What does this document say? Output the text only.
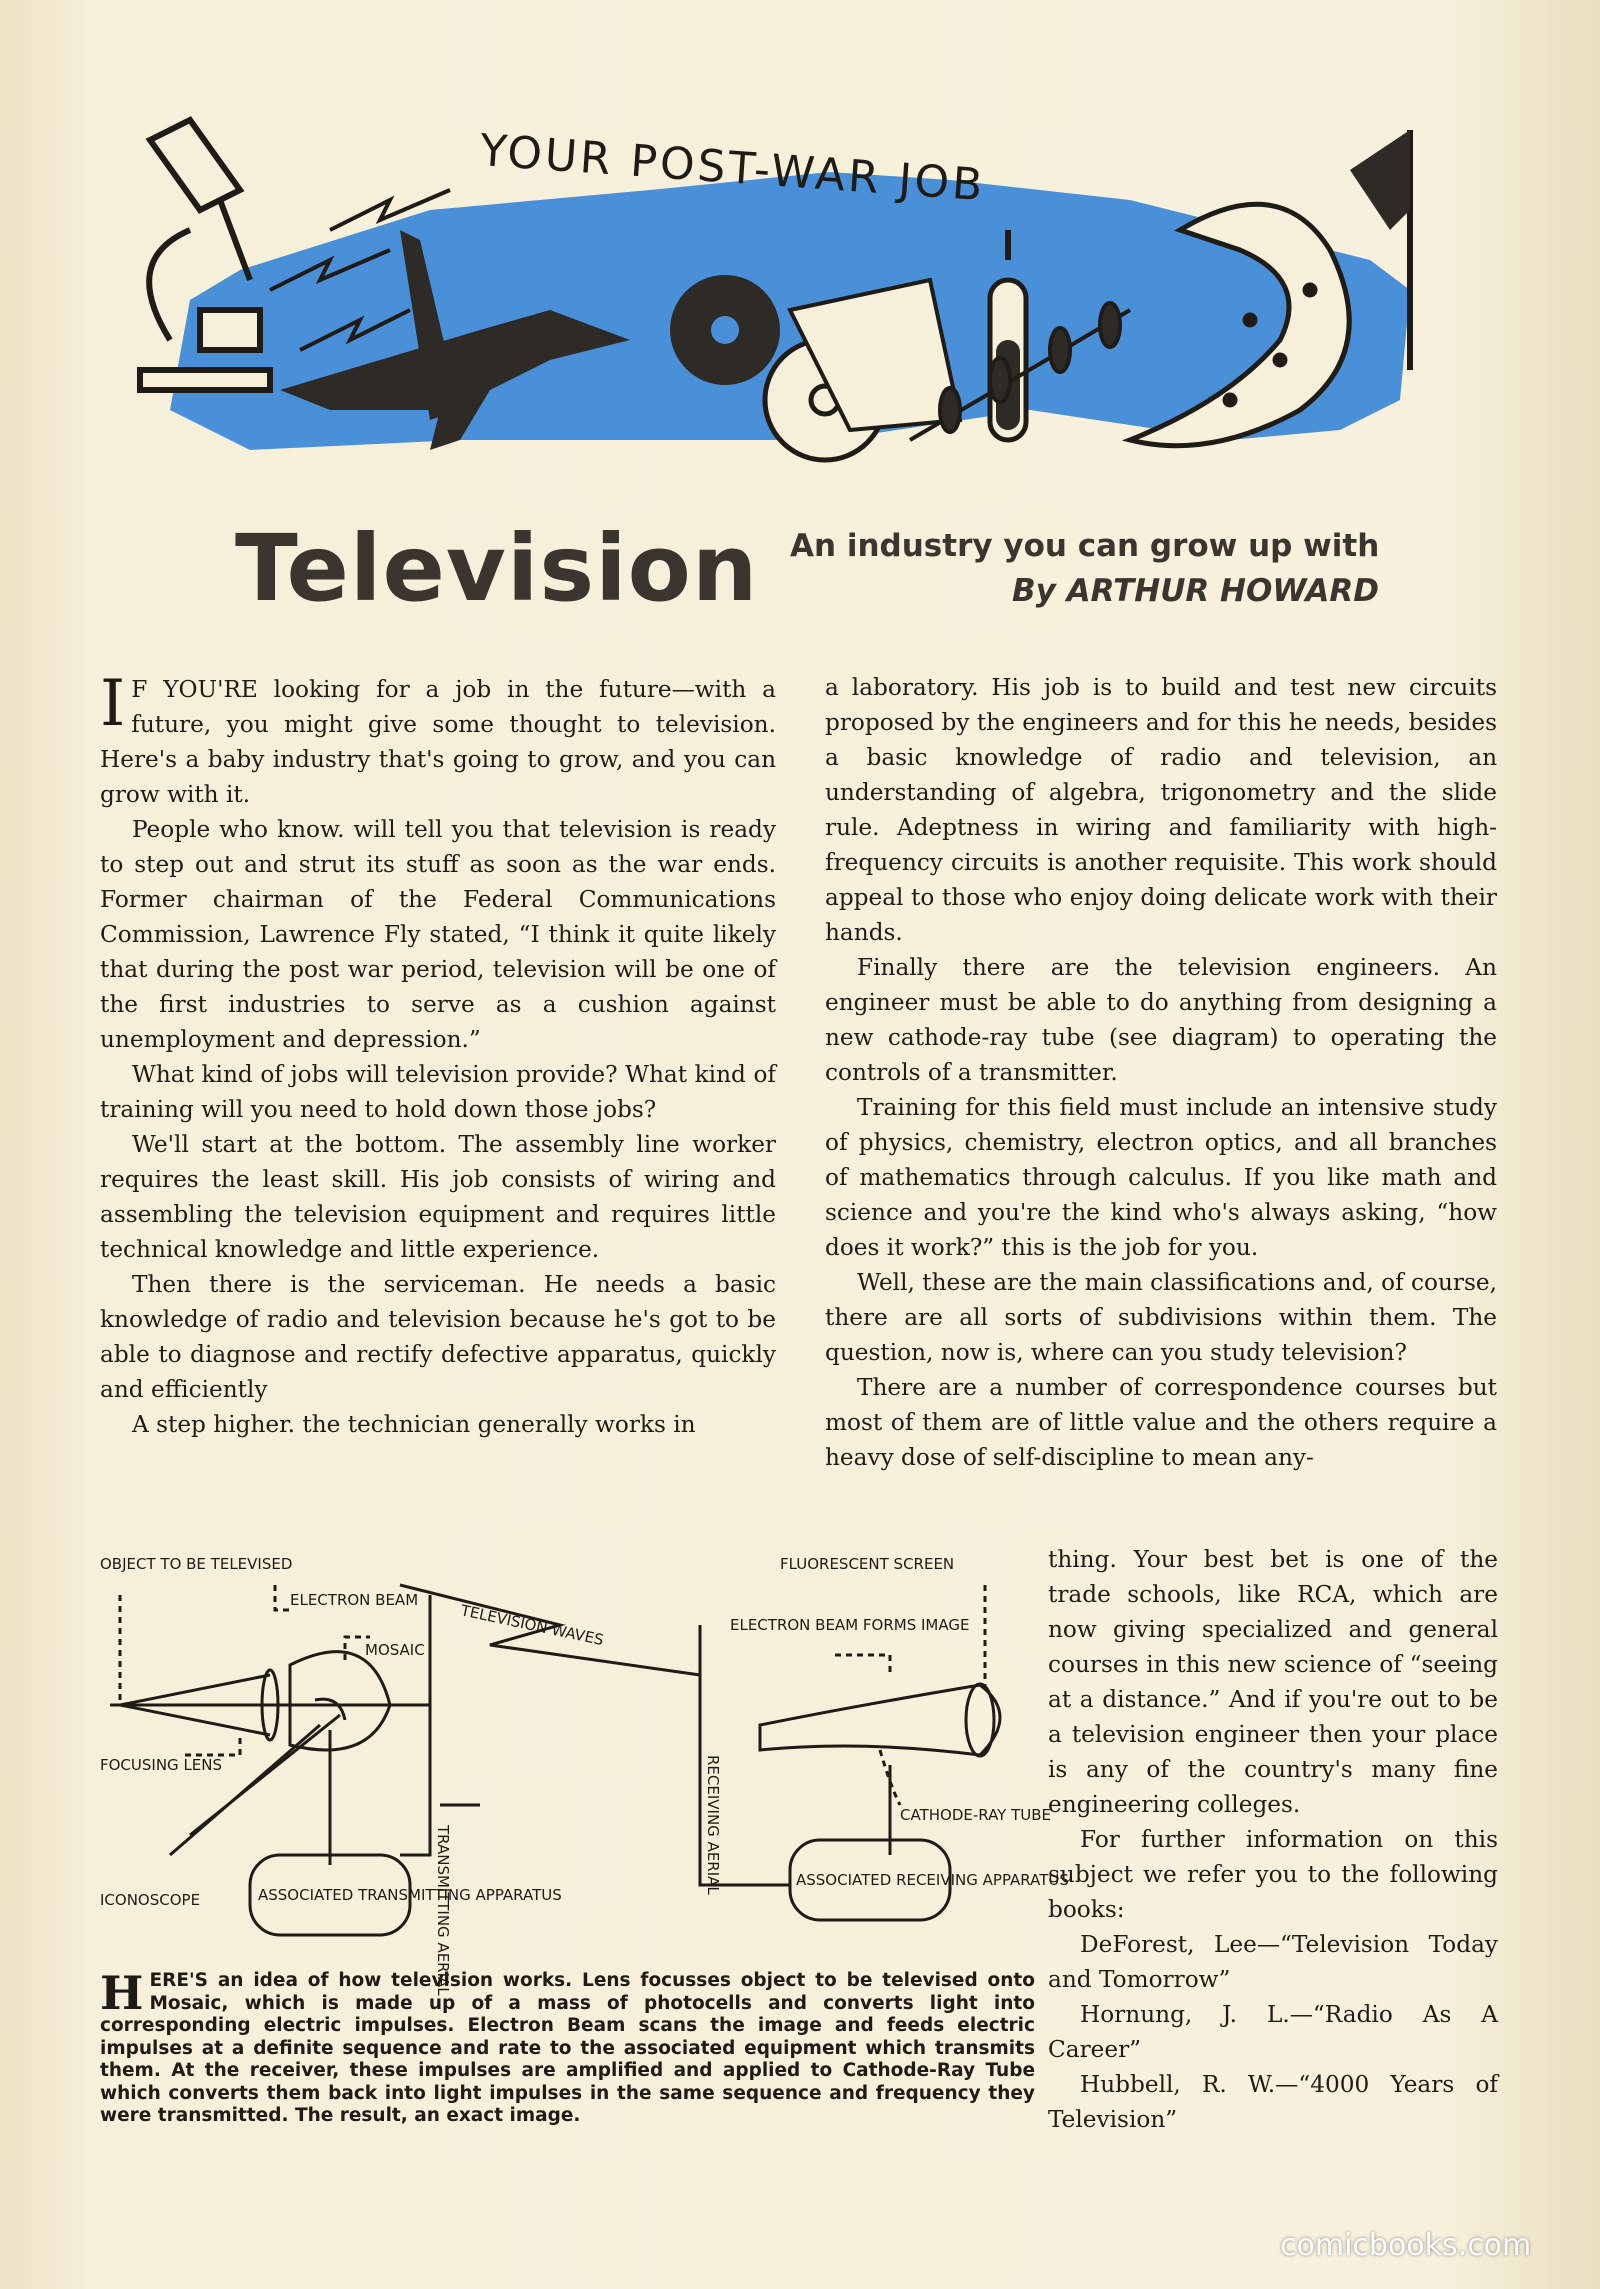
YOUR POST-WAR JOB
Television An industry you can grow up with
By ARTHUR HOWARD

I F YOU'RE looking for a job in the future—with a future, you might give some thought to television. Here's a baby industry that's going to grow, and you can grow with it.

People who know. will tell you that television is ready to step out and strut its stuff as soon as the war ends. Former chairman of the Federal Communications Commission, Lawrence Fly stated, “I think it quite likely that during the post war period, television will be one of the first industries to serve as a cushion against unemployment and depression.”

What kind of jobs will television provide? What kind of training will you need to hold down those jobs?

We'll start at the bottom. The assembly line worker requires the least skill. His job consists of wiring and assembling the television equipment and requires little technical knowledge and little experience.

Then there is the serviceman. He needs a basic knowledge of radio and television because he's got to be able to diagnose and rectify defective apparatus, quickly and efficiently

A step higher. the technician generally works in

a laboratory. His job is to build and test new circuits proposed by the engineers and for this he needs, besides a basic knowledge of radio and television, an understanding of algebra, trigonometry and the slide rule. Adeptness in wiring and familiarity with high-frequency circuits is another requisite. This work should appeal to those who enjoy doing delicate work with their hands.

Finally there are the television engineers. An engineer must be able to do anything from designing a new cathode-ray tube (see diagram) to operating the controls of a transmitter.

Training for this field must include an intensive study of physics, chemistry, electron optics, and all branches of mathematics through calculus. If you like math and science and you're the kind who's always asking, “how does it work?” this is the job for you.

Well, these are the main classifications and, of course, there are all sorts of subdivisions within them. The question, now is, where can you study television?

There are a number of correspondence courses but most of them are of little value and the others require a heavy dose of self-discipline to mean any-

thing. Your best bet is one of the trade schools, like RCA, which are now giving specialized and general courses in this new science of “seeing at a distance.” And if you're out to be a television engineer then your place is any of the country's many fine engineering colleges.

For further information on this subject we refer you to the following books:

DeForest, Lee—“Television Today and Tomorrow”

Hornung, J. L.—“Radio As A Career”

Hubbell, R. W.—“4000 Years of Television”

OBJECT TO BE TELEVISED
ELECTRON BEAM
MOSAIC
FOCUSING LENS
ICONOSCOPE	ASSOCIATED TRANSMITTING APPARATUS
TRANSMITTING AERIAL
TELEVISION WAVES
RECEIVING AERIAL
FLUORESCENT SCREEN
ELECTRON BEAM FORMS IMAGE
CATHODE-RAY TUBE
ASSOCIATED RECEIVING APPARATUS
HERE'S an idea of how television works. Lens focusses object to be televised onto Mosaic, which is made up of a mass of photocells and converts light into corresponding electric impulses. Electron Beam scans the image and feeds electric impulses at a definite sequence and rate to the associated equipment which transmits them. At the receiver, these impulses are amplified and applied to Cathode-Ray Tube which converts them back into light impulses in the same sequence and frequency they were transmitted. The result, an exact image.
comicbooks.com
